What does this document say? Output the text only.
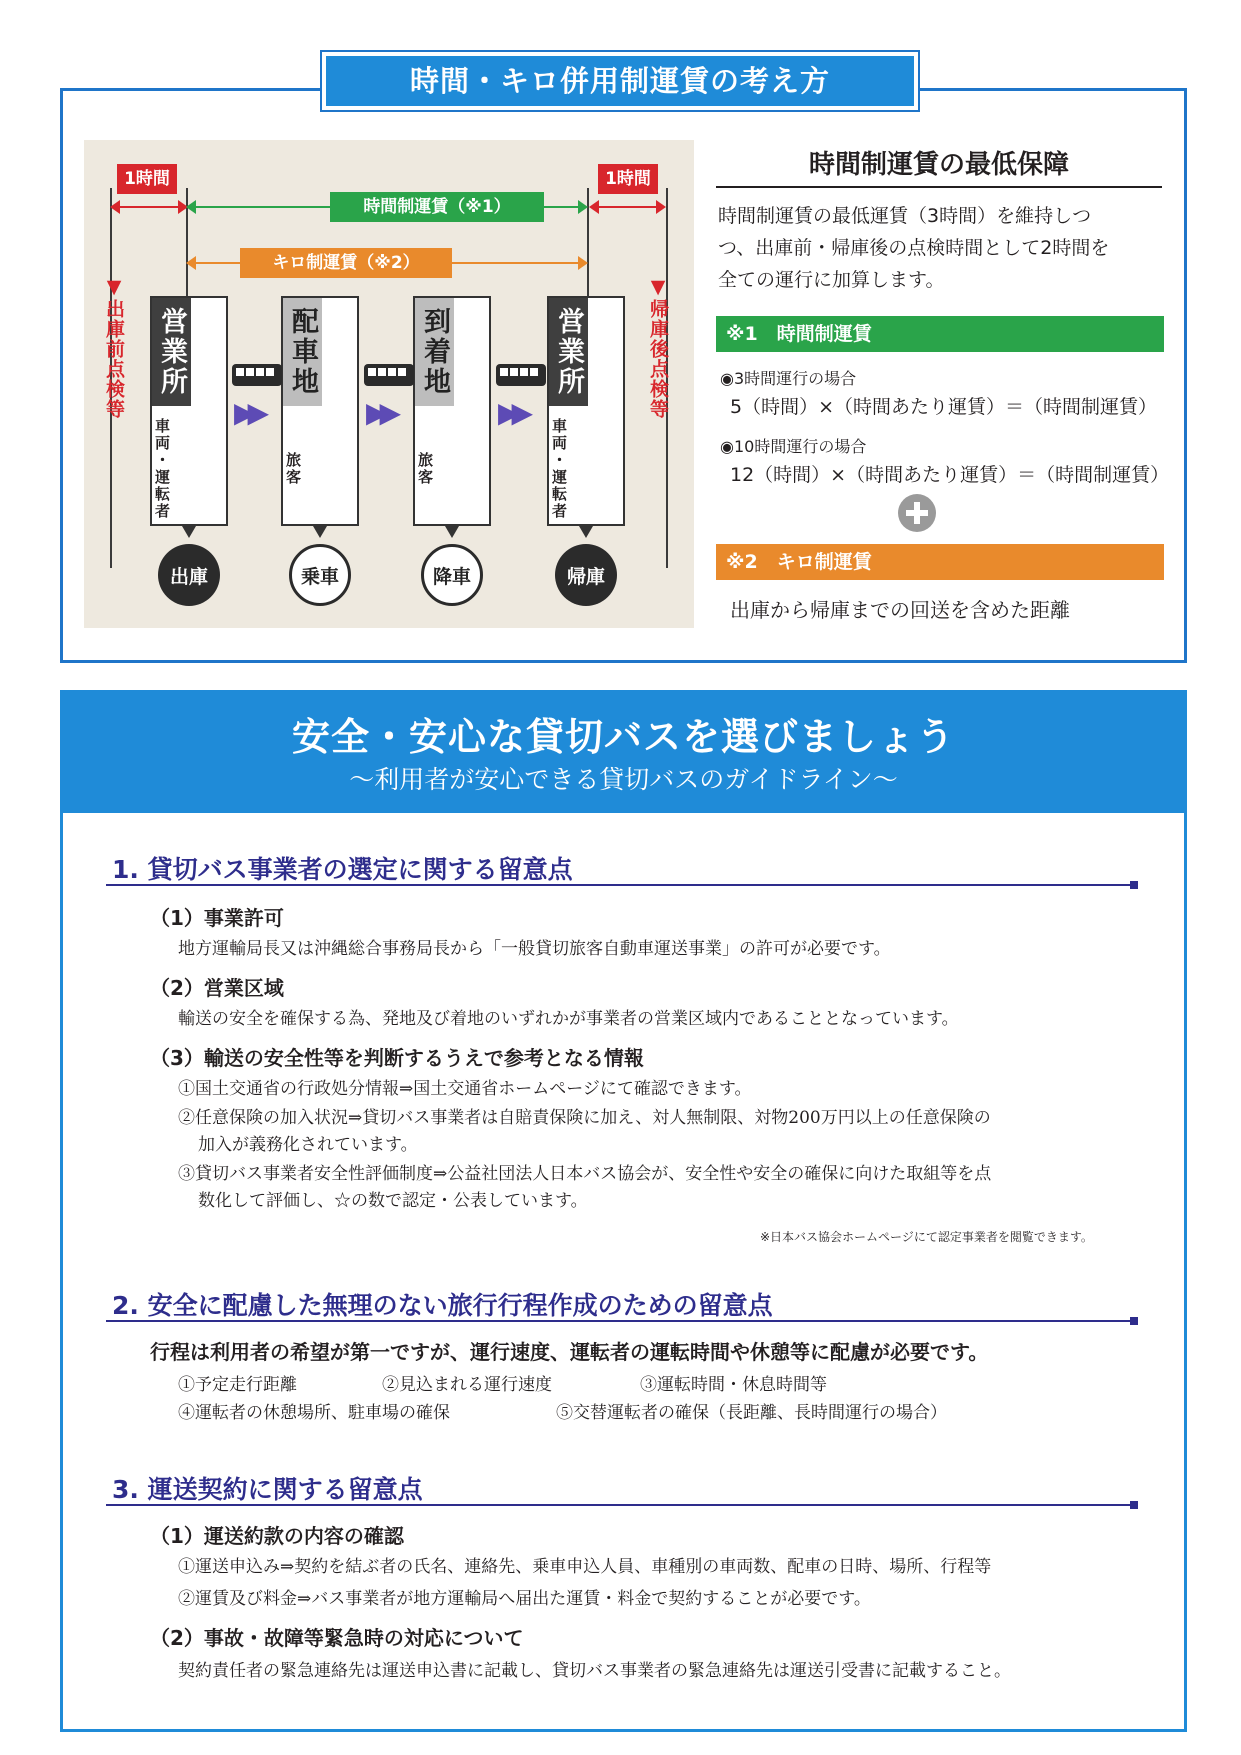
時間・キロ併用制運賃の考え方
1時間	1時間
時間制運賃（※1）
キロ制運賃（※2）
▼出庫前点検等	▼帰庫後点検等
営業所
車両・運転者
配車地
旅客
到着地
旅客
営業所
車両・運転者
出庫	乗車	降車	帰庫
▶▶	▶▶	▶▶
時間制運賃の最低保障
時間制運賃の最低運賃（3時間）を維持しつ
つ、出庫前・帰庫後の点検時間として2時間を
全ての運行に加算します。
※1　時間制運賃
◉3時間運行の場合
5（時間）×（時間あたり運賃）＝（時間制運賃）
◉10時間運行の場合
12（時間）×（時間あたり運賃）＝（時間制運賃）
※2　キロ制運賃
出庫から帰庫までの回送を含めた距離
安全・安心な貸切バスを選びましょう
〜利用者が安心できる貸切バスのガイドライン〜
1. 貸切バス事業者の選定に関する留意点
（1）事業許可
地方運輸局長又は沖縄総合事務局長から「一般貸切旅客自動車運送事業」の許可が必要です。
（2）営業区域
輸送の安全を確保する為、発地及び着地のいずれかが事業者の営業区域内であることとなっています。
（3）輸送の安全性等を判断するうえで参考となる情報
①国土交通省の行政処分情報⇒国土交通省ホームページにて確認できます。
②任意保険の加入状況⇒貸切バス事業者は自賠責保険に加え、対人無制限、対物200万円以上の任意保険の
加入が義務化されています。
③貸切バス事業者安全性評価制度⇒公益社団法人日本バス協会が、安全性や安全の確保に向けた取組等を点
数化して評価し、☆の数で認定・公表しています。
※日本バス協会ホームページにて認定事業者を閲覧できます。
2. 安全に配慮した無理のない旅行行程作成のための留意点
行程は利用者の希望が第一ですが、運行速度、運転者の運転時間や休憩等に配慮が必要です。
①予定走行距離	②見込まれる運行速度	③運転時間・休息時間等
④運転者の休憩場所、駐車場の確保	⑤交替運転者の確保（長距離、長時間運行の場合）
3. 運送契約に関する留意点
（1）運送約款の内容の確認
①運送申込み⇒契約を結ぶ者の氏名、連絡先、乗車申込人員、車種別の車両数、配車の日時、場所、行程等
②運賃及び料金⇒バス事業者が地方運輸局へ届出た運賃・料金で契約することが必要です。
（2）事故・故障等緊急時の対応について
契約責任者の緊急連絡先は運送申込書に記載し、貸切バス事業者の緊急連絡先は運送引受書に記載すること。
